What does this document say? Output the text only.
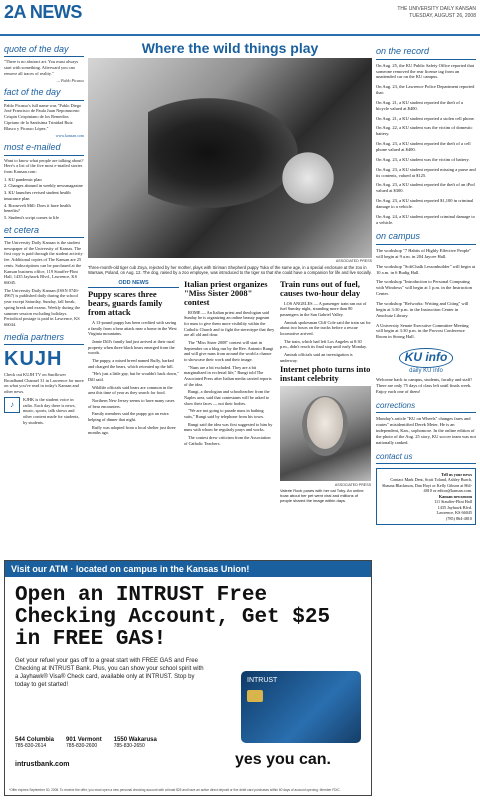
2A NEWS	THE UNIVERSITY DAILY KANSAN
TUESDAY, AUGUST 26, 2008
quote of the day
"There is no abstract art. You must always start with something. Afterward you can remove all traces of reality."
— Pablo Picasso
fact of the day
Pablo Picasso's full name was "Pablo Diego José Francisco de Paula Juan Nepomuceno Crispin Crispiniano de los Remedios Cipriano de la Santísima Trinidad Ruiz Blasco y Picasso López."
www.kansan.com
most e-mailed
Want to know what people are talking about? Here's a list of the five most e-mailed stories from Kansan.com:
1. KU pandemic plan
2. Changes abound in weekly newsmagazine
3. KU launches revised student health insurance plan
4. Roosevelt Mill: Does it have health benefits?
5. Student's script comes to life
et cetera
The University Daily Kansan is the student newspaper of the University of Kansas. The first copy is paid through the student activity fee. Additional copies of The Kansan are 25 cents. Subscriptions can be purchased at the Kansan business office, 119 Stauffer-Flint Hall, 1435 Jayhawk Blvd., Lawrence, KS 66045.
The University Daily Kansan (ISSN 0746-4967) is published daily during the school year except Saturday, Sunday, fall break, spring break and exams. Weekly during the summer session excluding holidays. Periodical postage is paid in Lawrence, KS 66044.
media partners
KUJH
Check out KUJH TV on Sunflower Broadband Channel 31 in Lawrence for more on what you've read in today's Kansan and other news.
♪
KJHK is the student voice in radio. Each day there is news, music, sports, talk shows and other content made for students, by students.
Where the wild things play
ASSOCIATED PRESS
Three-month-old tiger cub Zoya, rejected by her mother, plays with Siriman Shepherd puppy Tuka of the same age, in a special enclosure at the zoo in Warsaw, Poland, on Aug. 12. The dog, raised by a zoo employee, was introduced to the tiger so that she could have a companion for life and live socially.
ODD NEWS
Puppy scares three bears, guards family from attack

A 13-pound puppy has been credited with saving a family from a bear attack near a home in the West Virginia mountains.

Jamie Dill's family had just arrived at their rural property when three black bears emerged from the woods.

The puppy, a mixed breed named Ruffy, barked and charged the bears, which retreated up the hill.

"He's just a little guy, but he wouldn't back down," Dill said.

Wildlife officials said bears are common in the area this time of year as they search for food.

Northern New Jersey seems to have many cases of bear encounters.

Family members said the puppy got an extra helping of dinner that night.

Ruffy was adopted from a local shelter just three months ago.

Italian priest organizes "Miss Sister 2008" contest

ROME — An Italian priest and theologian said Sunday he is organizing an online beauty pageant for nuns to give them more visibility within the Catholic Church and to fight the stereotype that they are all old and dour.

The "Miss Sister 2008" contest will start in September on a blog run by the Rev. Antonio Rungi and will give nuns from around the world a chance to showcase their work and their image.

"Nuns are a bit excluded. They are a bit marginalized in ecclesial life," Rungi told The Associated Press after Italian media carried reports of the idea.

Rungi, a theologian and schoolteacher from the Naples area, said that contestants will be asked to show their faces — not their bodies.

"We are not going to parade nuns in bathing suits," Rungi said by telephone from his town.

Rungi said the idea was first suggested to him by nuns with whom he regularly prays and works.

The contest drew criticism from the Association of Catholic Teachers.

Train runs out of fuel, causes two-hour delay

LOS ANGELES — A passenger train ran out of fuel Sunday night, stranding more than 80 passengers in the San Gabriel Valley.

Amtrak spokesman Cliff Cole said the train sat for about two hours on the tracks before a rescue locomotive arrived.

The train, which had left Los Angeles at 8:30 p.m., didn't reach its final stop until early Monday.

Amtrak officials said an investigation is underway.

Internet photo turns into instant celebrity
ASSOCIATED PRESS
Valerie Rock poses with her cat Toby. An online hoax about her pet went viral and millions of people shared the image within days.
on the record
On Aug. 25, the KU Public Safety Office reported that someone removed the rear license tag from an unattended car on the KU campus.
On Aug. 23, the Lawrence Police Department reported that:
On Aug. 21, a KU student reported the theft of a bicycle valued at $400.
On Aug. 21, a KU student reported a stolen cell phone.
On Aug. 22, a KU student was the victim of domestic battery.
On Aug. 23, a KU student reported the theft of a cell phone valued at $400.
On Aug. 23, a KU student was the victim of battery.
On Aug. 23, a KU student reported missing a purse and its contents, valued at $125.
On Aug. 23, a KU student reported the theft of an iPod valued at $300.
On Aug. 23, a KU student reported $1,100 in criminal damage to a vehicle.
On Aug. 24, a KU student reported criminal damage to a vehicle.
on campus
The workshop "7 Habits of Highly Effective People" will begin at 9 a.m. in 204 Jaycee Hall.
The workshop "SoftChalk Lessonbuilder" will begin at 10 a.m. in 6 Budig Hall.
The workshop "Introduction to Personal Computing with Windows" will begin at 1 p.m. in the Instruction Center.
The workshop "Refworks: Writing and Citing" will begin at 3:30 p.m. in the Instruction Center in Anschutz Library.
A University Senate Executive Committee Meeting will begin at 3:30 p.m. in the Provost Conference Room in Strong Hall.
KU info
daily KU info
Welcome back to campus, students, faculty and staff! There are only 75 days of class left until finals week. Enjoy each one of them!
corrections
Monday's article "KU on Wheels" changes fares and routes" misidentified Derek Meier. He is an independent, Kan., sophomore. In the online edition of the photo of the Aug. 25 story, KU soccer team was not nationally ranked.
contact us
Tell us your news
Contact Mark Dent, Scott Toland, Ashley Burch, Shauna Blackmon, Dan Hoyt or Kelly Gibson at 864-4810 or editor@kansan.com.
Kansan newsroom
111 Stauffer-Flint Hall
1435 Jayhawk Blvd.
Lawrence, KS 66045
(785) 864-4810
Visit our ATM · located on campus in the Kansas Union!
Open an INTRUST Free Checking Account, Get $25 in FREE GAS!
Get your refuel your gas off to a great start with FREE GAS and Free Checking at INTRUST Bank. Plus, you can show your school spirit with a Jayhawk® Visa® Check card, available only at INTRUST. Stop by today to get started!
INTRUST
544 Columbia
785-830-2614
901 Vermont
785-830-2600
1550 Wakarusa
785-830-2650
intrustbank.com	yes you can.
*Offer expires September 30, 2008. To receive the offer, you must open a new personal checking account with at least $25 and have an active direct deposit or five debit card purchases within 60 days of account opening. Member FDIC.
